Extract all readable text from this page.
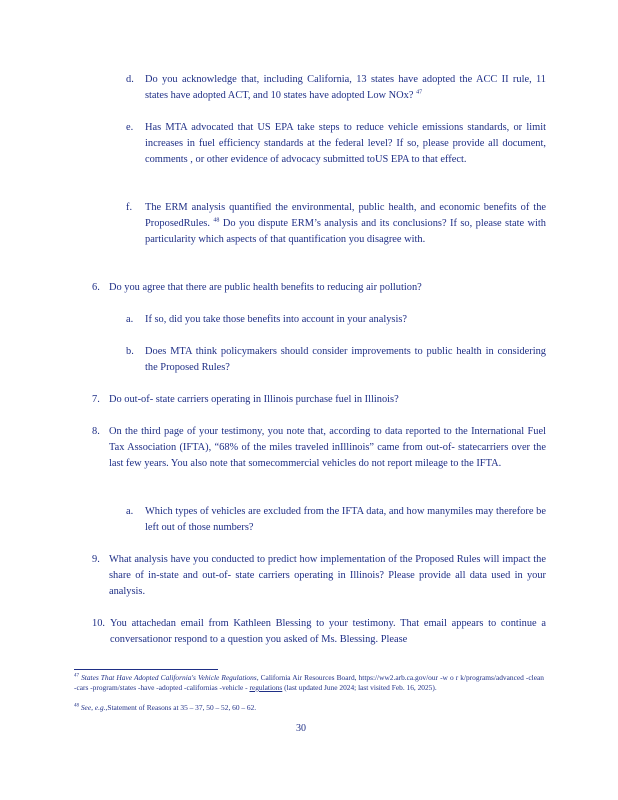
d. Do you acknowledge that, including California, 13 states have adopted the ACC II rule, 11 states have adopted ACT, and 10 states have adopted Low NOx? $^{47}$
e. Has MTA advocated that US EPA take steps to reduce vehicle emissions standards, or limit increases in fuel efficiency standards at the federal level? If so, please provide all document, comments , or other evidence of advocacy submitted toUS EPA to that effect.
f. The ERM analysis quantified the environmental, public health, and economic benefits of the ProposedRules. $^{48}$ Do you dispute ERM’s analysis and its conclusions? If so, please state with particularity which aspects of that quantification you disagree with.
6. Do you agree that there are public health benefits to reducing air pollution?
a. If so, did you take those benefits into account in your analysis?
b. Does MTA think policymakers should consider improvements to public health in considering the Proposed Rules?
7. Do out-of- state carriers operating in Illinois purchase fuel in Illinois?
8. On the third page of your testimony, you note that, according to data reported to the International Fuel Tax Association (IFTA), “68% of the miles traveled inIllinois” came from out-of- statecarriers over the last few years. You also note that somecommercial vehicles do not report mileage to the IFTA.
a. Which types of vehicles are excluded from the IFTA data, and how manymiles may therefore be left out of those numbers?
9. What analysis have you conducted to predict how implementation of the Proposed Rules will impact the share of in-state and out-of- state carriers operating in Illinois? Please provide all data used in your analysis.
10. You attachedan email from Kathleen Blessing to your testimony. That email appears to continue a conversationor respond to a question you asked of Ms. Blessing. Please
$^{47}$ States That Have Adopted California's Vehicle Regulations, California Air Resources Board, https://ww2.arb.ca.gov/our -w o r k/programs/advanced -clean -cars -program/states -have -adopted -californias -vehicle - regulations (last updated June 2024; last visited Feb. 16, 2025).
$^{48}$ See, e.g.,Statement of Reasons at 35 – 37, 50 – 52, 60 – 62.
30
